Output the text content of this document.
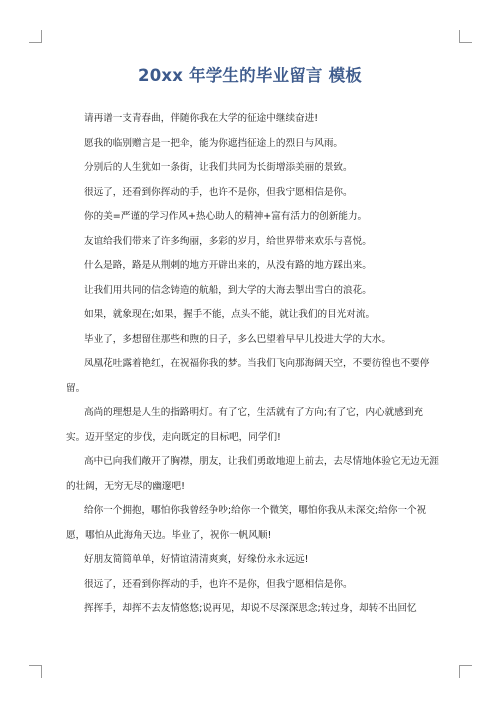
20xx 年学生的毕业留言 模板

请再谱一支青春曲，伴随你我在大学的征途中继续奋进!

愿我的临别赠言是一把伞，能为你遮挡征途上的烈日与风雨。

分别后的人生犹如一条街，让我们共同为长街增添美丽的景致。

很远了，还看到你挥动的手，也许不是你，但我宁愿相信是你。

你的美=严谨的学习作风+热心助人的精神+富有活力的创新能力。

友谊给我们带来了许多绚丽，多彩的岁月，给世界带来欢乐与喜悦。

什么是路，路是从荆刺的地方开辟出来的，从没有路的地方踩出来。

让我们用共同的信念铸造的航船，到大学的大海去掣出雪白的浪花。

如果，就象现在;如果，握手不能，点头不能，就让我们的目光对流。

毕业了，多想留住那些和煦的日子，多么巴望着早早儿投进大学的大水。

凤凰花吐露着艳红，在祝福你我的梦。当我们飞向那海阔天空，不要彷徨也不要停留。

高尚的理想是人生的指路明灯。有了它，生活就有了方向;有了它，内心就感到充实。迈开坚定的步伐，走向既定的目标吧，同学们!

高中已向我们敞开了胸襟，朋友，让我们勇敢地迎上前去，去尽情地体验它无边无涯的壮阔，无穷无尽的幽邃吧!

给你一个拥抱，哪怕你我曾经争吵;给你一个微笑，哪怕你我从未深交;给你一个祝愿，哪怕从此海角天边。毕业了，祝你一帆风顺!

好朋友简简单单，好情谊清清爽爽，好缘份永永远远!

很远了，还看到你挥动的手，也许不是你，但我宁愿相信是你。

挥挥手，却挥不去友情悠悠;说再见，却说不尽深深思念;转过身，却转不出回忆
